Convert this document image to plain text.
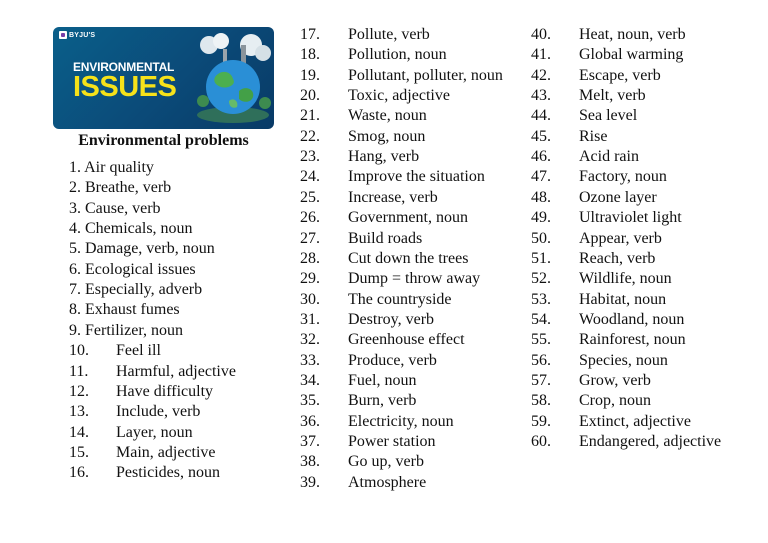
BYJU'S
ENVIRONMENTAL
ISSUES
Environmental problems
1. Air quality
2. Breathe, verb
3. Cause, verb
4. Chemicals, noun
5. Damage, verb, noun
6. Ecological issues
7. Especially, adverb
8. Exhaust fumes
9. Fertilizer, noun
10. Feel ill
11. Harmful, adjective
12. Have difficulty
13. Include, verb
14. Layer, noun
15. Main, adjective
16. Pesticides, noun
17. Pollute, verb
18. Pollution, noun
19. Pollutant, polluter, noun
20. Toxic, adjective
21. Waste, noun
22. Smog, noun
23. Hang, verb
24. Improve the situation
25. Increase, verb
26. Government, noun
27. Build roads
28. Cut down the trees
29. Dump = throw away
30. The countryside
31. Destroy, verb
32. Greenhouse effect
33. Produce, verb
34. Fuel, noun
35. Burn, verb
36. Electricity, noun
37. Power station
38. Go up, verb
39. Atmosphere
40. Heat, noun, verb
41. Global warming
42. Escape, verb
43. Melt, verb
44. Sea level
45. Rise
46. Acid rain
47. Factory, noun
48. Ozone layer
49. Ultraviolet light
50. Appear, verb
51. Reach, verb
52. Wildlife, noun
53. Habitat, noun
54. Woodland, noun
55. Rainforest, noun
56. Species, noun
57. Grow, verb
58. Crop, noun
59. Extinct, adjective
60. Endangered, adjective
